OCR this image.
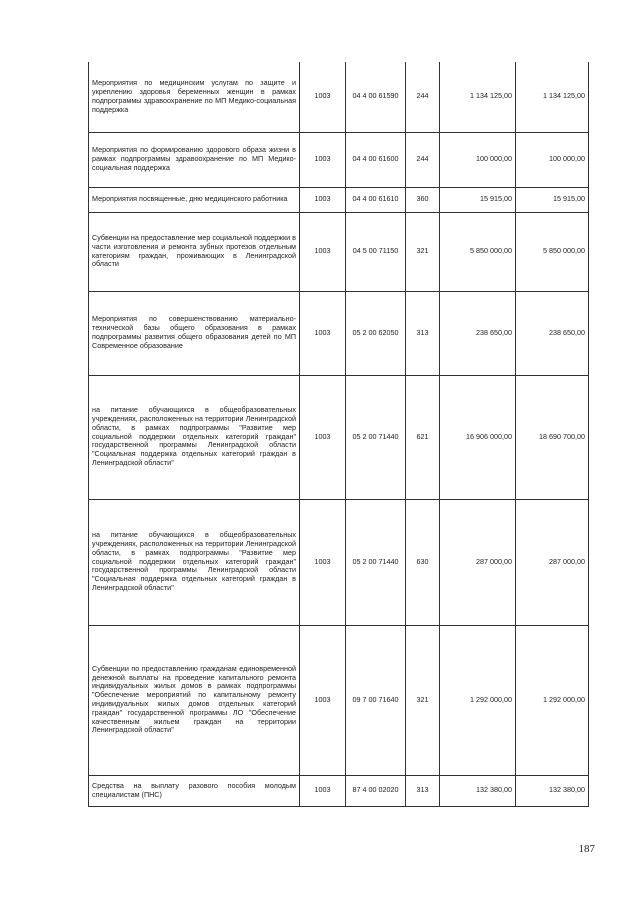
Мероприятия по медицинским услугам по защите и укреплению здоровья беременных женщин в рамках подпрограммы здравоохранение по МП Медико-социальная поддержка	1003	04 4 00 61590	244	1 134 125,00	1 134 125,00
Мероприятия по формированию здорового образа жизни в рамках подпрограммы здравоохранение по МП Медико-социальная поддержка	1003	04 4 00 61600	244	100 000,00	100 000,00
Мероприятия посвященные, дню медицинского работника	1003	04 4 00 61610	360	15 915,00	15 915,00
Субвенции на предоставление мер социальной поддержки в части изготовления и ремонта зубных протезов отдельным категориям граждан, проживающих в Ленинградской области	1003	04 5 00 71150	321	5 850 000,00	5 850 000,00
Мероприятия по совершенствованию материально-технической базы общего образования в рамках подпрограммы развития общего образования детей по МП Современное образование	1003	05 2 00 62050	313	238 650,00	238 650,00
на питание обучающихся в общеобразовательных учреждениях, расположенных на территории Ленинградской области, в рамках подпрограммы "Развитие мер социальной поддержки отдельных категорий граждан" государственной программы Ленинградской области "Социальная поддержка отдельных категорий граждан в Ленинградской области"	1003	05 2 00 71440	621	16 906 000,00	18 690 700,00
на питание обучающихся в общеобразовательных учреждениях, расположенных на территории Ленинградской области, в рамках подпрограммы "Развитие мер социальной поддержки отдельных категорий граждан" государственной программы Ленинградской области "Социальная поддержка отдельных категорий граждан в Ленинградской области"	1003	05 2 00 71440	630	287 000,00	287 000,00
Субвенции по предоставлению гражданам единовременной денежной выплаты на проведение капитального ремонта индивидуальных жилых домов в рамках подпрограммы "Обеспечение мероприятий по капитальному ремонту индивидуальных жилых домов отдельных категорий граждан" государственной программы ЛО "Обеспечение качественным жильем граждан на территории Ленинградской области"	1003	09 7 00 71640	321	1 292 000,00	1 292 000,00
Средства на выплату разового пособия молодым специалистам (ПНС)	1003	87 4 00 02020	313	132 380,00	132 380,00
187
